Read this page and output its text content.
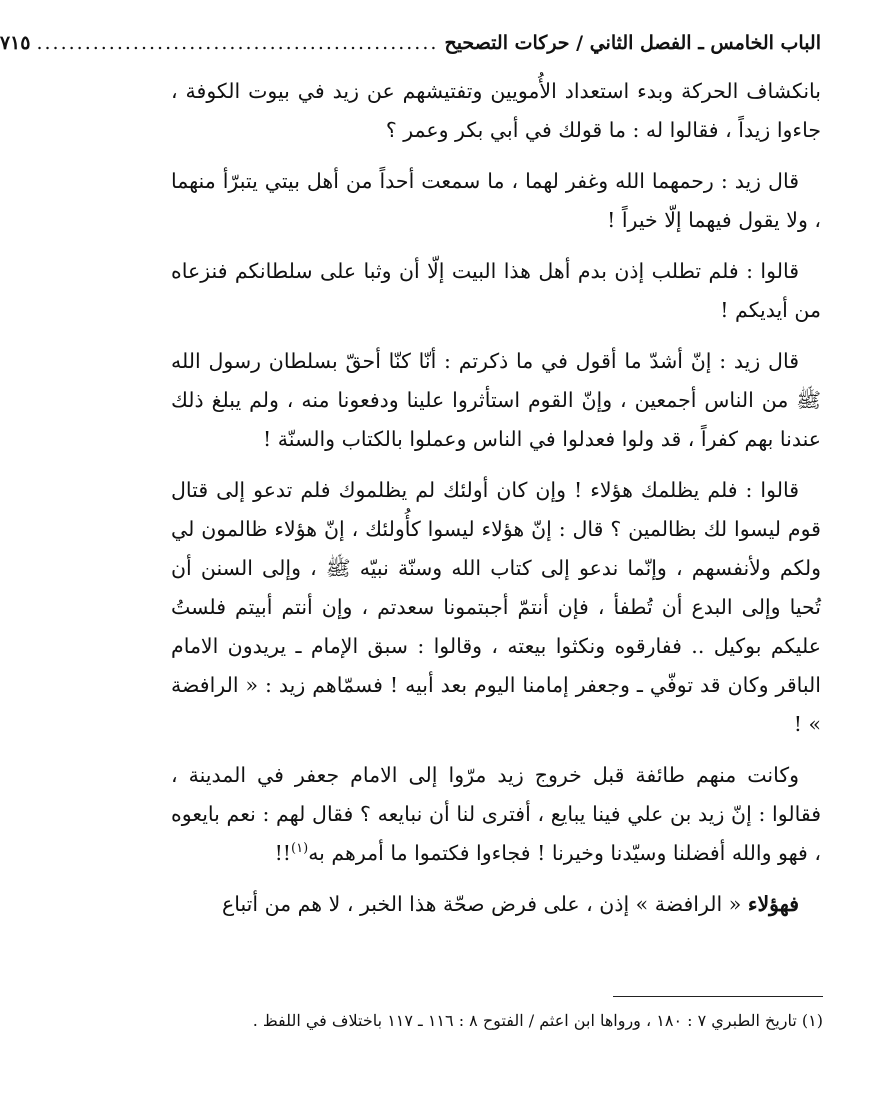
الباب الخامس ـ الفصل الثاني / حركات التصحيح
..................................................
٧١٥

بانكشاف الحركة وبدء استعداد الأُمويين وتفتيشهم عن زيد في بيوت الكوفة ، جاءوا زيداً ، فقالوا له : ما قولك في أبي بكر وعمر ؟

قال زيد : رحمهما الله وغفر لهما ، ما سمعت أحداً من أهل بيتي يتبرّأ منهما ، ولا يقول فيهما إلّا خيراً !

قالوا : فلم تطلب إذن بدم أهل هذا البيت إلّا أن وثبا على سلطانكم فنزعاه من أيديكم !

قال زيد : إنّ أشدّ ما أقول في ما ذكرتم : أنّا كنّا أحقّ بسلطان رسول الله ﷺ من الناس أجمعين ، وإنّ القوم استأثروا علينا ودفعونا منه ، ولم يبلغ ذلك عندنا بهم كفراً ، قد ولوا فعدلوا في الناس وعملوا بالكتاب والسنّة !

قالوا : فلم يظلمك هؤلاء ! وإن كان أولئك لم يظلموك فلم تدعو إلى قتال قوم ليسوا لك بظالمين ؟ قال : إنّ هؤلاء ليسوا كأُولئك ، إنّ هؤلاء ظالمون لي ولكم ولأنفسهم ، وإنّما ندعو إلى كتاب الله وسنّة نبيّه ﷺ ، وإلى السنن أن تُحيا وإلى البدع أن تُطفأ ، فإن أنتمّ أجبتمونا سعدتم ، وإن أنتم أبيتم فلستُ عليكم بوكيل .. ففارقوه ونكثوا بيعته ، وقالوا : سبق الإمام ـ يريدون الامام الباقر وكان قد توفّي ـ وجعفر إمامنا اليوم بعد أبيه ! فسمّاهم زيد : « الرافضة » !

وكانت منهم طائفة قبل خروج زيد مرّوا إلى الامام جعفر في المدينة ، فقالوا : إنّ زيد بن علي فينا يبايع ، أفترى لنا أن نبايعه ؟ فقال لهم : نعم بايعوه ، فهو والله أفضلنا وسيّدنا وخيرنا ! فجاءوا فكتموا ما أمرهم به$^{(١)}$!!

فهؤلاء « الرافضة » إذن ، على فرض صحّة هذا الخبر ، لا هم من أتباع

(١) تاريخ الطبري ٧ : ١٨٠ ، ورواها ابن اعثم / الفتوح ٨ : ١١٦ ـ ١١٧ باختلاف في اللفظ .
